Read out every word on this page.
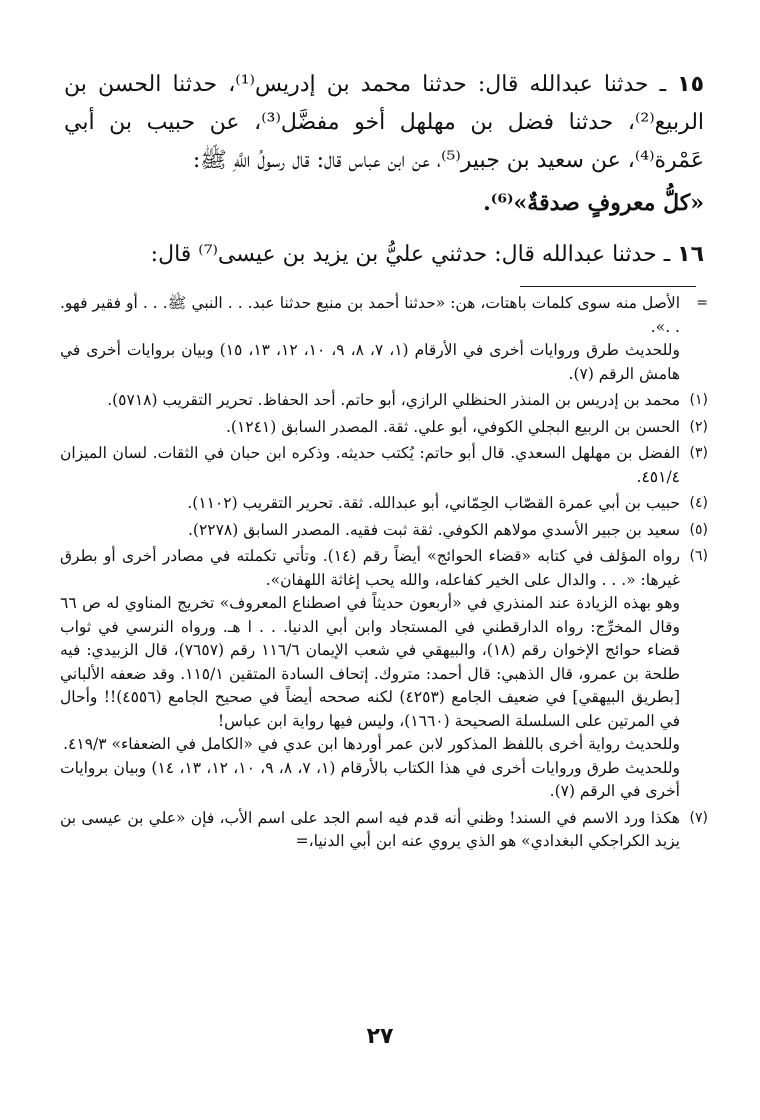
١٥ ـ حدثنا عبدالله قال: حدثنا محمد بن إدريس⁽¹⁾، حدثنا الحسن بن الربيع⁽²⁾، حدثنا فضل بن مهلهل أخو مفضَّل⁽³⁾، عن حبيب بن أبي عَمْرة⁽⁴⁾، عن سعيد بن جبير⁽⁵⁾، عن ابن عباس قال: قال رسولُ اللَّهِ ﷺ:

«كلُّ معروفٍ صدقةٌ»⁽⁶⁾.

١٦ ـ حدثنا عبدالله قال: حدثني عليُّ بن يزيد بن عيسى⁽⁷⁾ قال:

=

الأصل منه سوى كلمات باهتات، هن: «حدثنا أحمد بن منيع حدثنا عبد. . . النبي ﷺ. . . أو فقير فهو. . .».

وللحديث طرق وروايات أخرى في الأرقام (١، ٧، ٨، ٩، ١٠، ١٢، ١٣، ١٥) وبيان بروايات أخرى في هامش الرقم (٧).

(١)

محمد بن إدريس بن المنذر الحنظلي الرازي، أبو حاتم. أحد الحفاظ. تحرير التقريب (٥٧١٨).

(٢)

الحسن بن الربيع البجلي الكوفي، أبو علي. ثقة. المصدر السابق (١٢٤١).

(٣)

الفضل بن مهلهل السعدي. قال أبو حاتم: يُكتب حديثه. وذكره ابن حبان في الثقات. لسان الميزان ٤٥١/٤.

(٤)

حبيب بن أبي عمرة القصّاب الحِمّاني، أبو عبدالله. ثقة. تحرير التقريب (١١٠٢).

(٥)

سعيد بن جبير الأسدي مولاهم الكوفي. ثقة ثبت فقيه. المصدر السابق (٢٢٧٨).

(٦)

رواه المؤلف في كتابه «قضاء الحوائج» أيضاً رقم (١٤). وتأتي تكملته في مصادر أخرى أو بطرق غيرها: «. . . والدال على الخير كفاعله، والله يحب إغاثة اللهفان».

وهو بهذه الزيادة عند المنذري في «أربعون حديثاً في اصطناع المعروف» تخريج المناوي له ص ٦٦ وقال المخرِّج: رواه الدارقطني في المستجاد وابن أبي الدنيا. . . ا هـ. ورواه النرسي في ثواب قضاء حوائج الإخوان رقم (١٨)، والبيهقي في شعب الإيمان ١١٦/٦ رقم (٧٦٥٧)، قال الزبيدي: فيه طلحة بن عمرو، قال الذهبي: قال أحمد: متروك. إتحاف السادة المتقين ١١٥/١. وقد ضعفه الألباني [بطريق البيهقي] في ضعيف الجامع (٤٢٥٣) لكنه صححه أيضاً في صحيح الجامع (٤٥٥٦)!! وأحال في المرتين على السلسلة الصحيحة (١٦٦٠)، وليس فيها رواية ابن عباس!

وللحديث رواية أخرى باللفظ المذكور لابن عمر أوردها ابن عدي في «الكامل في الضعفاء» ٤١٩/٣.

وللحديث طرق وروايات أخرى في هذا الكتاب بالأرقام (١، ٧، ٨، ٩، ١٠، ١٢، ١٣، ١٤) وبيان بروايات أخرى في الرقم (٧).

(٧)

هكذا ورد الاسم في السند! وظني أنه قدم فيه اسم الجد على اسم الأب، فإن «علي بن عيسى بن يزيد الكراجكي البغدادي» هو الذي يروي عنه ابن أبي الدنيا،=

٢٧
